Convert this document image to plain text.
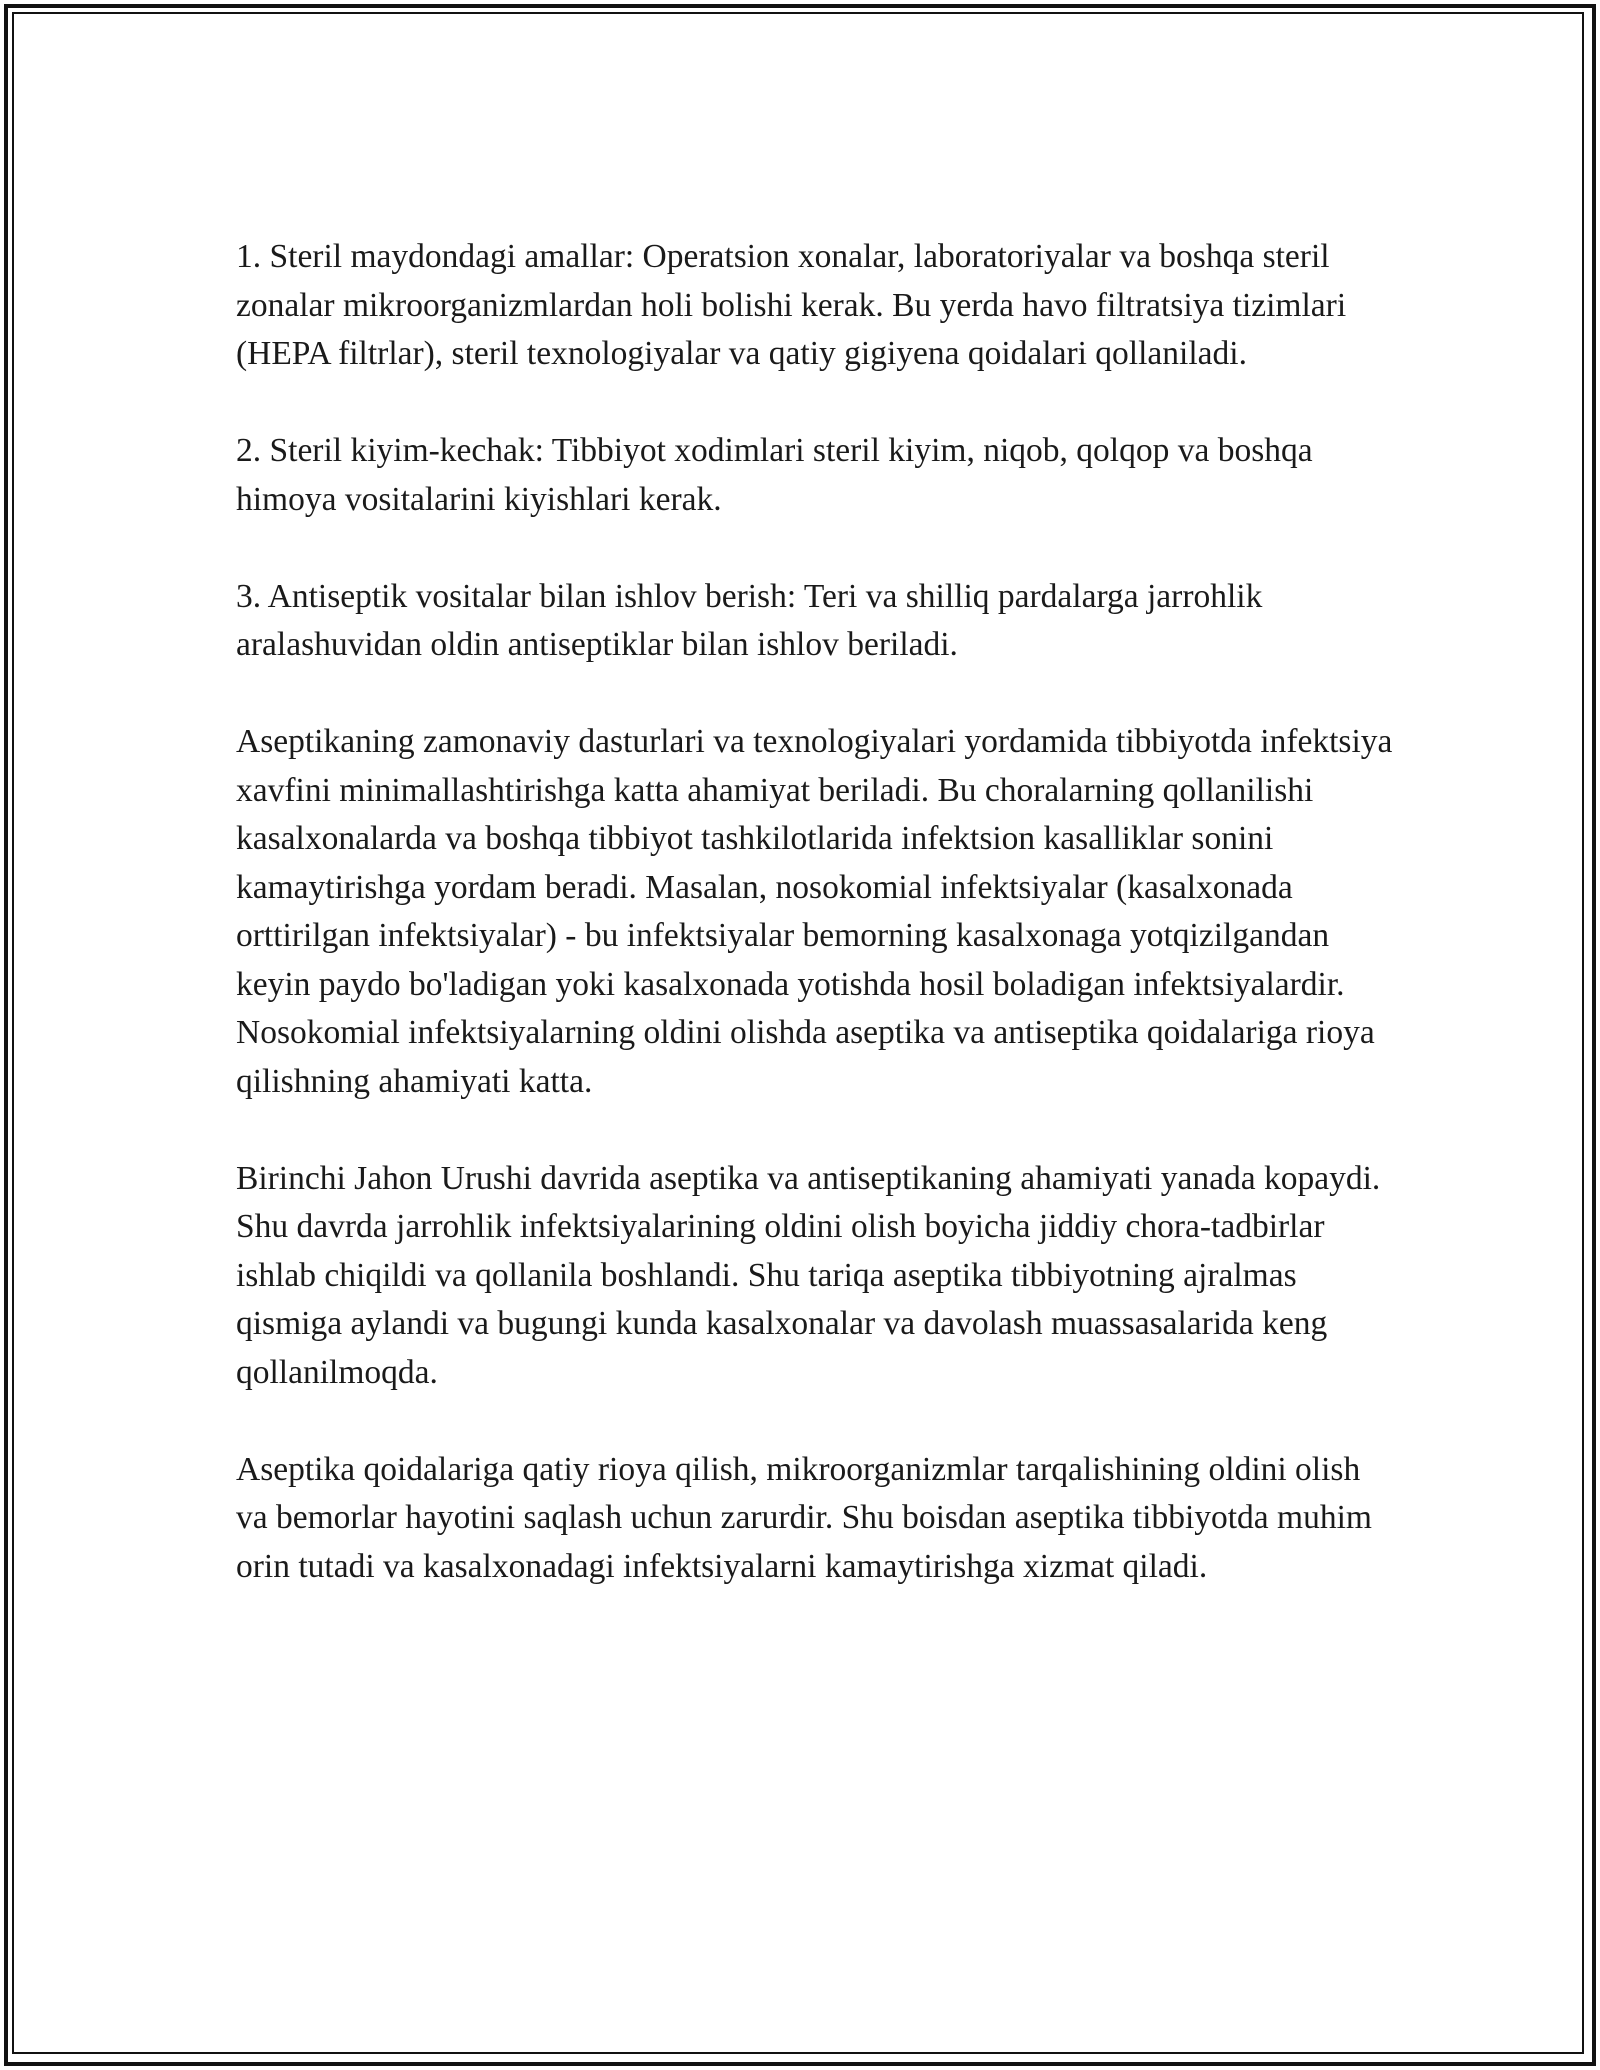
1. Steril maydondagi amallar: Operatsion xonalar, laboratoriyalar va boshqa steril zonalar mikroorganizmlardan holi bolishi kerak. Bu yerda havo filtratsiya tizimlari (HEPA filtrlar), steril texnologiyalar va qatiy gigiyena qoidalari qollaniladi.

2. Steril kiyim-kechak: Tibbiyot xodimlari steril kiyim, niqob, qolqop va boshqa himoya vositalarini kiyishlari kerak.

3. Antiseptik vositalar bilan ishlov berish: Teri va shilliq pardalarga jarrohlik aralashuvidan oldin antiseptiklar bilan ishlov beriladi.

Aseptikaning zamonaviy dasturlari va texnologiyalari yordamida tibbiyotda infektsiya xavfini minimallashtirishga katta ahamiyat beriladi. Bu choralarning qollanilishi kasalxonalarda va boshqa tibbiyot tashkilotlarida infektsion kasalliklar sonini kamaytirishga yordam beradi. Masalan, nosokomial infektsiyalar (kasalxonada orttirilgan infektsiyalar) - bu infektsiyalar bemorning kasalxonaga yotqizilgandan keyin paydo bo'ladigan yoki kasalxonada yotishda hosil boladigan infektsiyalardir. Nosokomial infektsiyalarning oldini olishda aseptika va antiseptika qoidalariga rioya qilishning ahamiyati katta.

Birinchi Jahon Urushi davrida aseptika va antiseptikaning ahamiyati yanada kopaydi. Shu davrda jarrohlik infektsiyalarining oldini olish boyicha jiddiy chora-tadbirlar ishlab chiqildi va qollanila boshlandi. Shu tariqa aseptika tibbiyotning ajralmas qismiga aylandi va bugungi kunda kasalxonalar va davolash muassasalarida keng qollanilmoqda.

Aseptika qoidalariga qatiy rioya qilish, mikroorganizmlar tarqalishining oldini olish va bemorlar hayotini saqlash uchun zarurdir. Shu boisdan aseptika tibbiyotda muhim orin tutadi va kasalxonadagi infektsiyalarni kamaytirishga xizmat qiladi.
